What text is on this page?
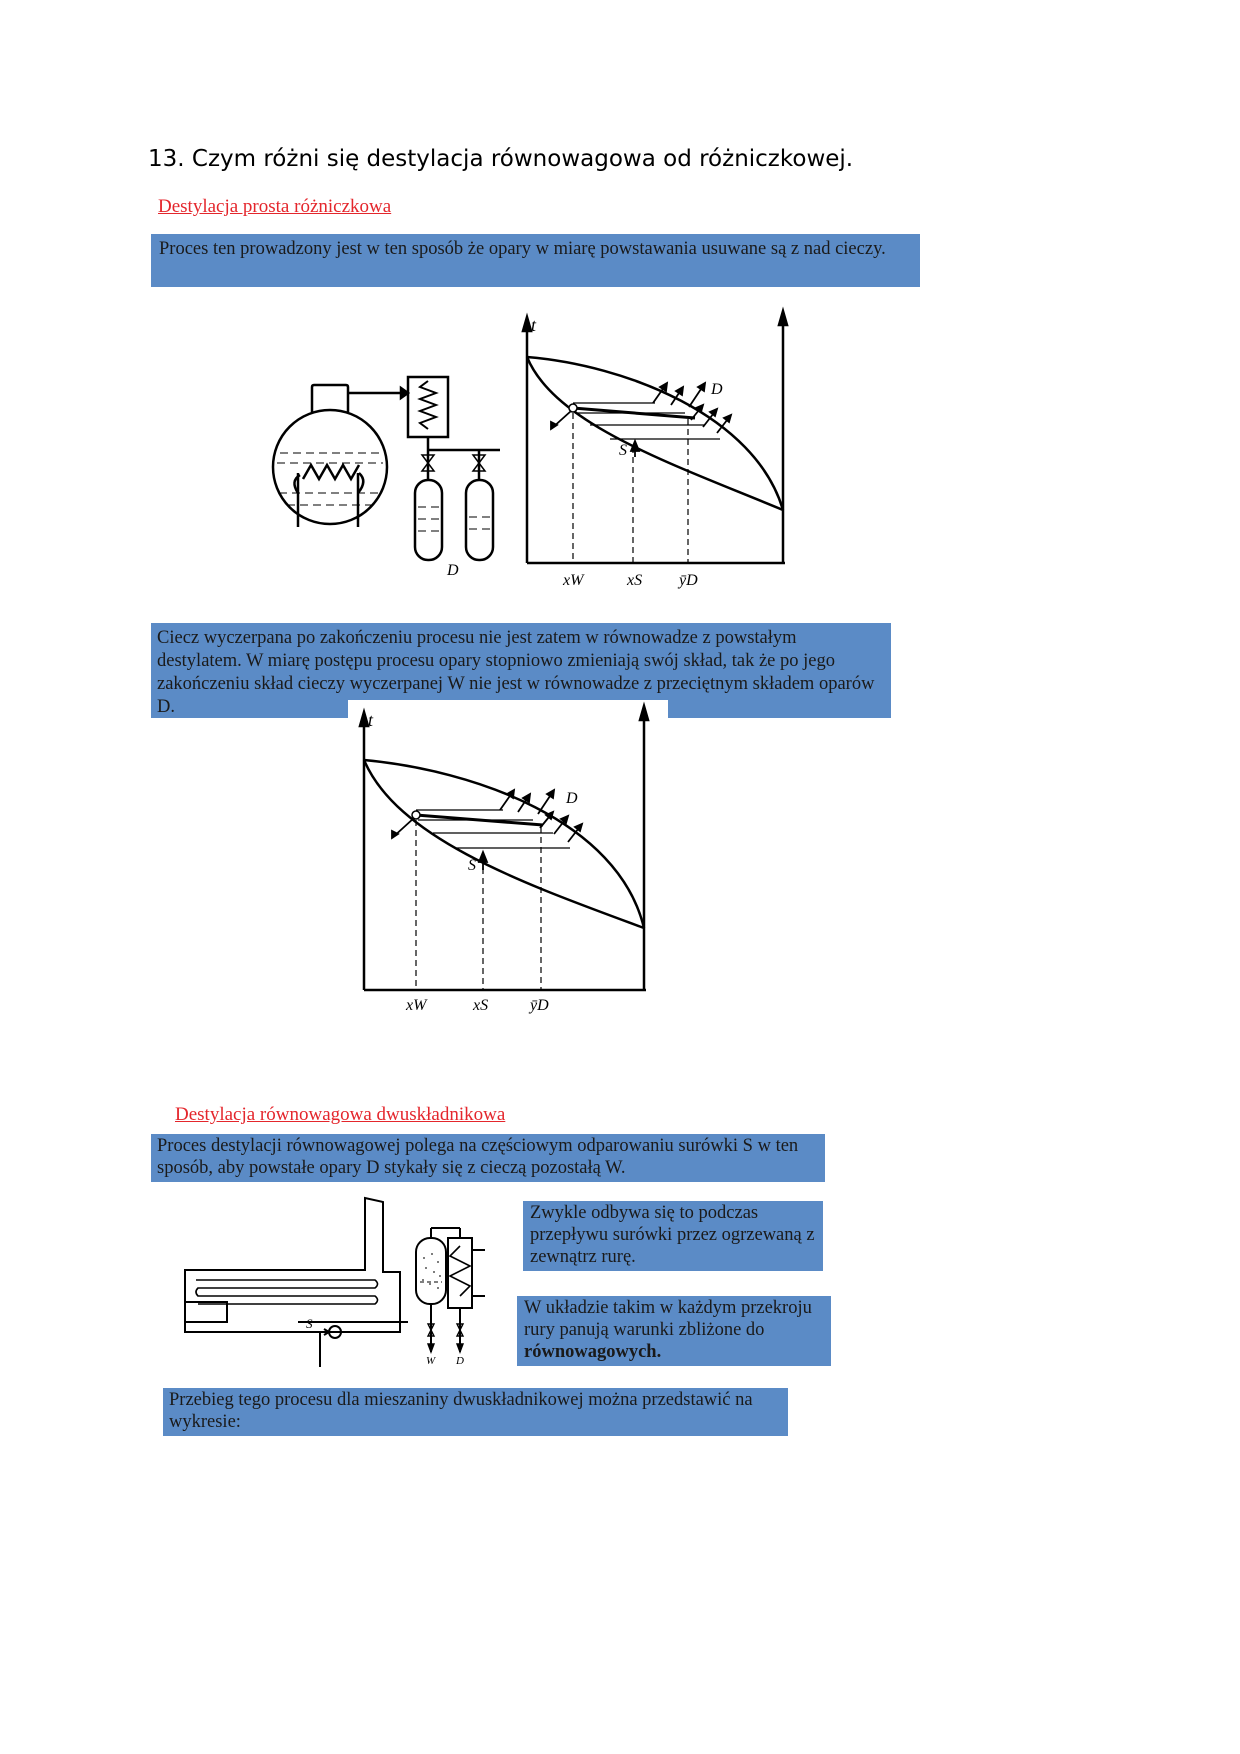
13. Czym różni się destylacja równowagowa od różniczkowej.
Destylacja prosta różniczkowa
Proces ten prowadzony jest w ten sposób że opary w miarę powstawania usuwane są z nad cieczy.
D
t
D
S
xW	xS ȳD
Ciecz wyczerpana po zakończeniu procesu nie jest zatem w równowadze z powstałym destylatem. W miarę postępu procesu opary stopniowo zmieniają swój skład, tak że po jego zakończeniu skład cieczy wyczerpanej W nie jest w równowadze z przeciętnym składem oparów D.
t
D
S
xW	xS	ȳD
Destylacja równowagowa dwuskładnikowa
Proces destylacji równowagowej polega na częściowym odparowaniu surówki S w ten sposób, aby powstałe opary D stykały się z cieczą pozostałą W.
S
W D
Zwykle odbywa się to podczas przepływu surówki przez ogrzewaną z zewnątrz rurę.
W układzie takim w każdym przekroju rury panują warunki zbliżone do równowagowych.
Przebieg tego procesu dla mieszaniny dwuskładnikowej można przedstawić na wykresie:
